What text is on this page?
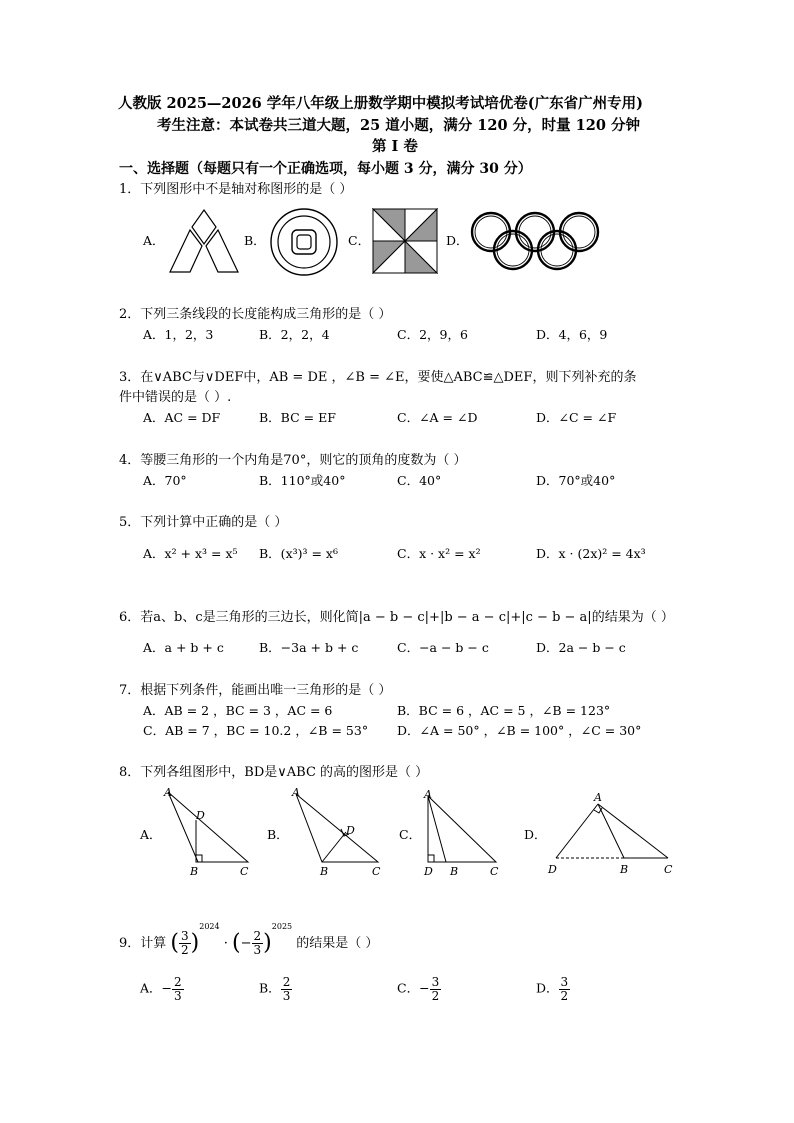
人教版 2025—2026 学年八年级上册数学期中模拟考试培优卷(广东省广州专用)
考生注意：本试卷共三道大题，25 道小题，满分 120 分，时量 120 分钟
第 I 卷
一、选择题（每题只有一个正确选项，每小题 3 分，满分 30 分）
1．下列图形中不是轴对称图形的是（ ）
A．	B．	C．	D．
2．下列三条线段的长度能构成三角形的是（ ）
A．1，2，3	B．2，2，4	C．2，9，6	D．4，6，9
3．在∨ABC与∨DEF中，AB = DE ，∠B = ∠E，要使△ABC≌△DEF，则下列补充的条
件中错误的是（ ）.
A．AC = DF	B．BC = EF	C．∠A = ∠D	D．∠C = ∠F
4．等腰三角形的一个内角是70°，则它的顶角的度数为（ ）
A．70°	B．110°或40°	C．40°	D．70°或40°
5．下列计算中正确的是（ ）
A．x² + x³ = x⁵ B．(x³)³ = x⁶	C．x · x² = x²	D．x · (2x)² = 4x³
6．若a、b、c是三角形的三边长，则化简|a − b − c|+|b − a − c|+|c − b − a|的结果为（ ）
A．a + b + c	B．−3a + b + c	C．−a − b − c	D．2a − b − c
7．根据下列条件，能画出唯一三角形的是（ ）
A．AB = 2 ，BC = 3 ，AC = 6	B．BC = 6 ，AC = 5 ，∠B = 123°
C．AB = 7 ，BC = 10.2 ，∠B = 53° D．∠A = 50° ，∠B = 100° ，∠C = 30°
8．下列各组图形中，BD是∨ABC 的高的图形是（ ）
A．
A
D
B	C
B．
A
D
B	C
C．
A
D B	C
D．
A
D	B	C
9．计算 ( $\frac{3}{2} )^{2024}$ · (− $\frac{2}{3} )^{2025}$ 的结果是（ ）
A．− $\frac{2}{3}$	B． $\frac{2}{3}$	C．− $\frac{3}{2}$	D． $\frac{3}{2}$
